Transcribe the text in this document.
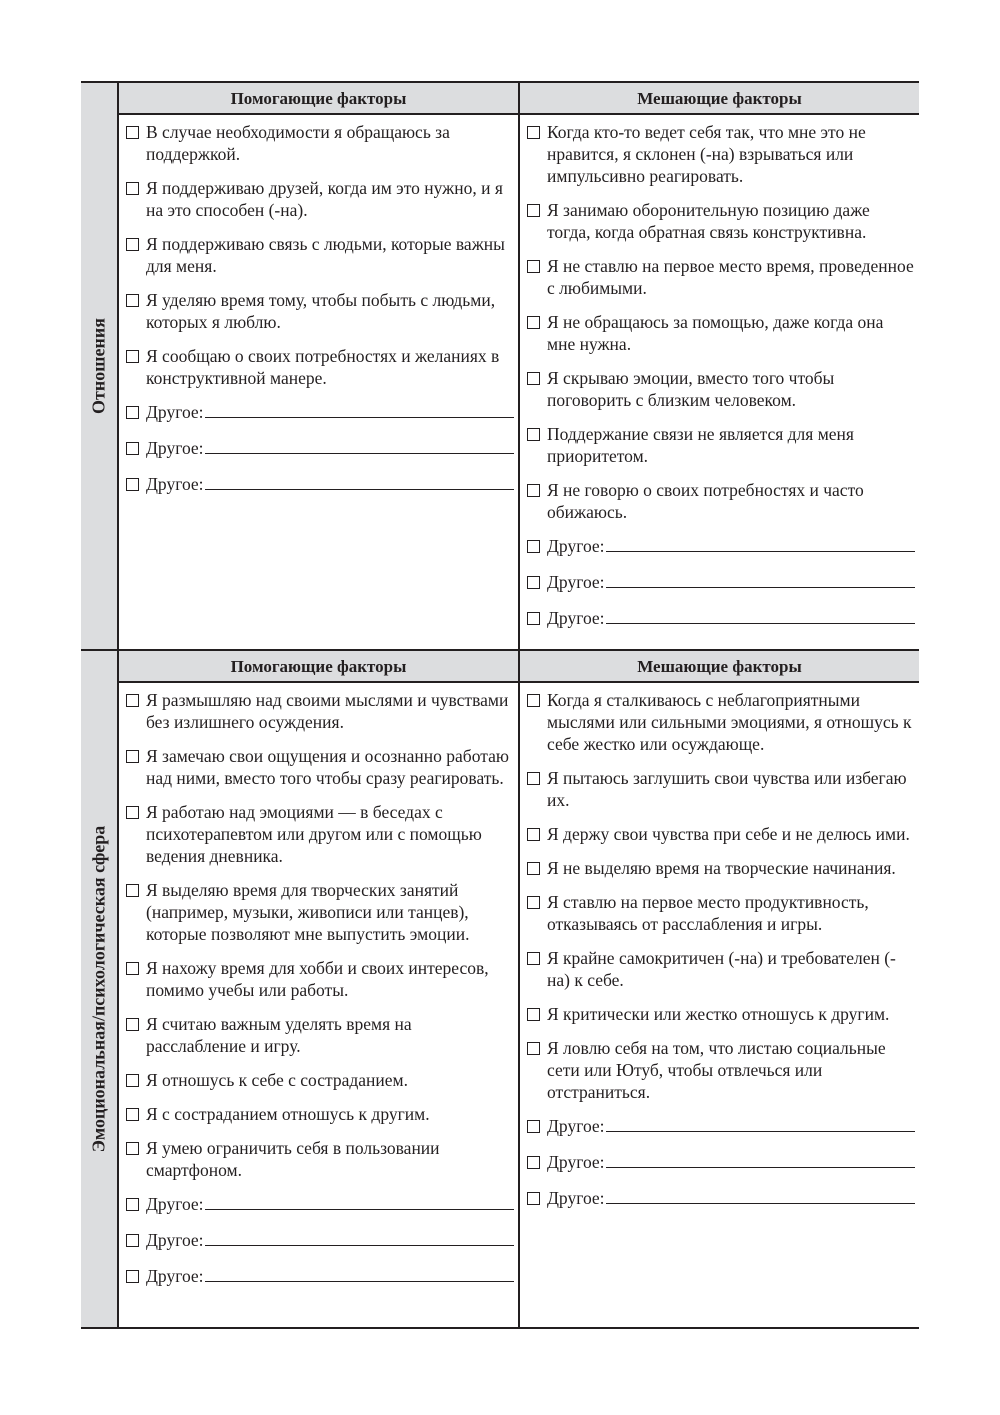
Отношения
Помогающие факторы
В случае необходимости я обращаюсь за поддержкой.
Я поддерживаю друзей, когда им это нужно, и я на это способен (-на).
Я поддерживаю связь с людьми, которые важны для меня.
Я уделяю время тому, чтобы побыть с людьми, которых я люблю.
Я сообщаю о своих потребностях и желаниях в конструктивной манере.
Другое:
Другое:
Другое:
Мешающие факторы
Когда кто-то ведет себя так, что мне это не нравится, я склонен (-на) взрываться или импульсивно реагировать.
Я занимаю оборонительную позицию даже тогда, когда обратная связь конструктивна.
Я не ставлю на первое место время, проведенное с любимыми.
Я не обращаюсь за помощью, даже когда она мне нужна.
Я скрываю эмоции, вместо того чтобы поговорить с близким человеком.
Поддержание связи не является для меня приоритетом.
Я не говорю о своих потребностях и часто обижаюсь.
Другое:
Другое:
Другое:
Эмоциональная/психологическая сфера
Помогающие факторы
Я размышляю над своими мыслями и чувствами без излишнего осуждения.
Я замечаю свои ощущения и осознанно работаю над ними, вместо того чтобы сразу реагировать.
Я работаю над эмоциями — в беседах с психотерапевтом или другом или с помощью ведения дневника.
Я выделяю время для творческих занятий (например, музыки, живописи или танцев), которые позволяют мне выпустить эмоции.
Я нахожу время для хобби и своих интересов, помимо учебы или работы.
Я считаю важным уделять время на расслабление и игру.
Я отношусь к себе с состраданием.
Я с состраданием отношусь к другим.
Я умею ограничить себя в пользовании смартфоном.
Другое:
Другое:
Другое:
Мешающие факторы
Когда я сталкиваюсь с неблагоприятными мыслями или сильными эмоциями, я отношусь к себе жестко или осуждающе.
Я пытаюсь заглушить свои чувства или избегаю их.
Я держу свои чувства при себе и не делюсь ими.
Я не выделяю время на творческие начинания.
Я ставлю на первое место продуктивность, отказываясь от расслабления и игры.
Я крайне самокритичен (-на) и требователен (-на) к себе.
Я критически или жестко отношусь к другим.
Я ловлю себя на том, что листаю социальные сети или Ютуб, чтобы отвлечься или отстраниться.
Другое:
Другое:
Другое:
